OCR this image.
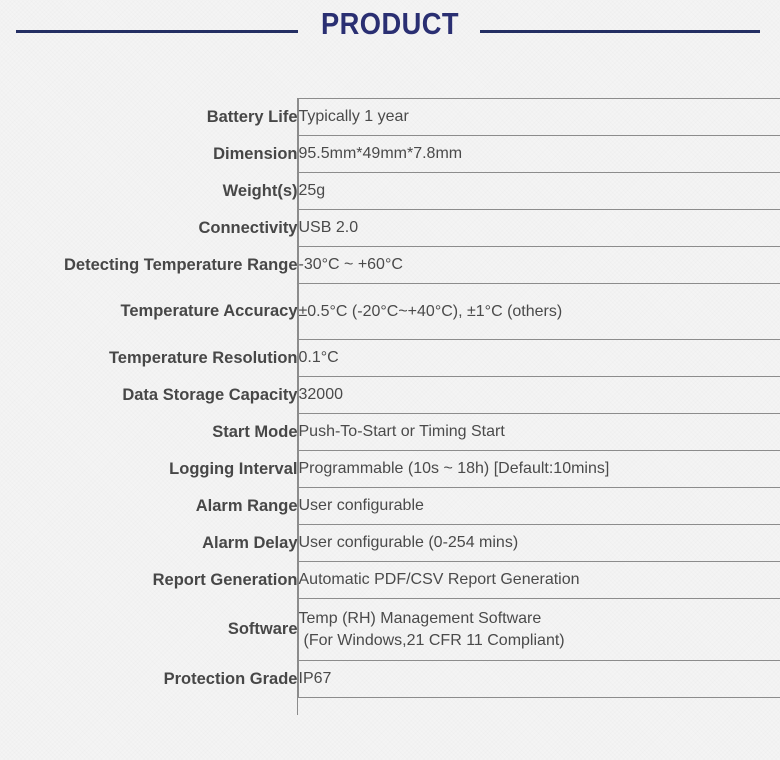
PRODUCT
Battery Life	Typically 1 year
Dimension	95.5mm*49mm*7.8mm
Weight(s)	25g
Connectivity	USB 2.0
Detecting Temperature Range	-30°C ~ +60°C
Temperature Accuracy	±0.5°C (-20°C~+40°C), ±1°C (others)
Temperature Resolution	0.1°C
Data Storage Capacity	32000
Start Mode	Push-To-Start or Timing Start
Logging Interval	Programmable (10s ~ 18h) [Default:10mins]
Alarm Range	User configurable
Alarm Delay	User configurable (0-254 mins)
Report Generation	Automatic PDF/CSV Report Generation
Software	Temp (RH) Management Software
(For Windows,21 CFR 11 Compliant)

Protection Grade	IP67
